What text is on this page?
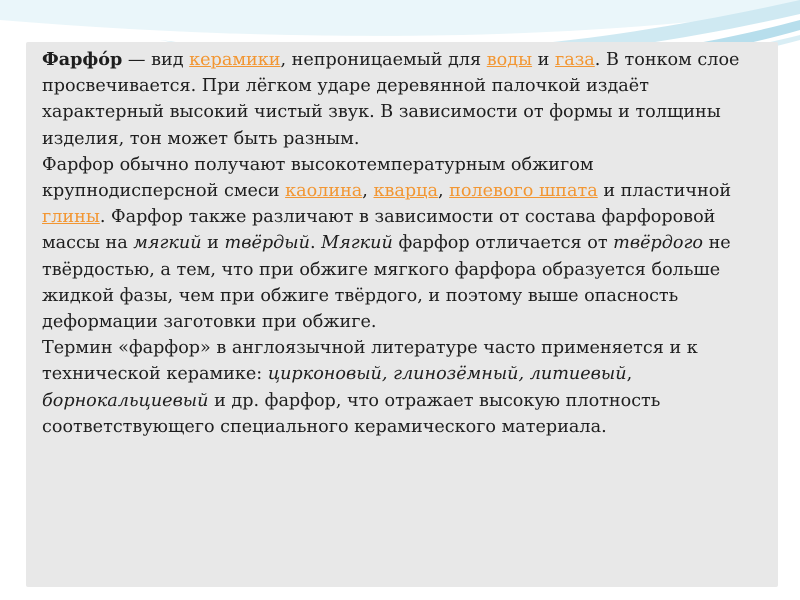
Фарфо́р — вид керамики, непроницаемый для воды и газа. В тонком слое просвечивается. При лёгком ударе деревянной палочкой издаёт характерный высокий чистый звук. В зависимости от формы и толщины изделия, тон может быть разным.

Фарфор обычно получают высокотемпературным обжигом крупнодисперсной смеси каолина, кварца, полевого шпата и пластичной глины. Фарфор также различают в зависимости от состава фарфоровой массы на мягкий и твёрдый. Мягкий фарфор отличается от твёрдого не твёрдостью, а тем, что при обжиге мягкого фарфора образуется больше жидкой фазы, чем при обжиге твёрдого, и поэтому выше опасность деформации заготовки при обжиге.

Термин «фарфор» в англоязычной литературе часто применяется и к технической керамике: цирконовый, глинозёмный, литиевый, борнокальциевый и др. фарфор, что отражает высокую плотность соответствующего специального керамического материала.
